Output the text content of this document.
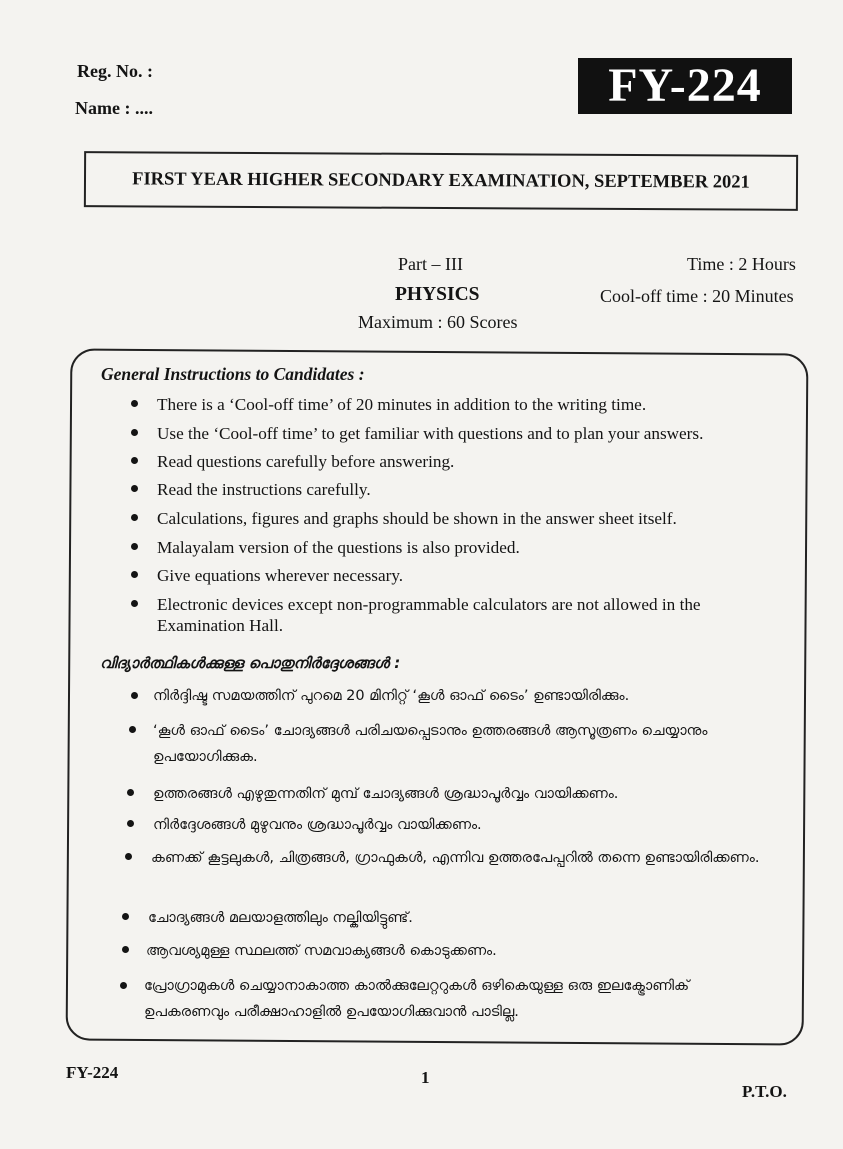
Reg. No. :
Name : ....	FY-224
FIRST YEAR HIGHER SECONDARY EXAMINATION, SEPTEMBER 2021
Part – III
PHYSICS
Maximum : 60 Scores
Time : 2 Hours
Cool-off time : 20 Minutes
General Instructions to Candidates :
There is a ‘Cool-off time’ of 20 minutes in addition to the writing time.
Use the ‘Cool-off time’ to get familiar with questions and to plan your answers.
Read questions carefully before answering.
Read the instructions carefully.
Calculations, figures and graphs should be shown in the answer sheet itself.
Malayalam version of the questions is also provided.
Give equations wherever necessary.
Electronic devices except non-programmable calculators are not allowed in the Examination Hall.
വിദ്യാർത്ഥികൾക്കുള്ള പൊതുനിർദ്ദേശങ്ങൾ :
നിർദ്ദിഷ്ട സമയത്തിന് പുറമെ 20 മിനിറ്റ് ‘കൂൾ ഓഫ് ടൈം’ ഉണ്ടായിരിക്കും.
‘കൂൾ ഓഫ് ടൈം’ ചോദ്യങ്ങൾ പരിചയപ്പെടാനും ഉത്തരങ്ങൾ ആസൂത്രണം ചെയ്യാനും ഉപയോഗിക്കുക.
ഉത്തരങ്ങൾ എഴുതുന്നതിന് മുമ്പ് ചോദ്യങ്ങൾ ശ്രദ്ധാപൂർവ്വം വായിക്കണം.
നിർദ്ദേശങ്ങൾ മുഴുവനും ശ്രദ്ധാപൂർവ്വം വായിക്കണം.
കണക്ക് കൂട്ടലുകൾ, ചിത്രങ്ങൾ, ഗ്രാഫുകൾ, എന്നിവ ഉത്തരപേപ്പറിൽ തന്നെ ഉണ്ടായിരിക്കണം.
ചോദ്യങ്ങൾ മലയാളത്തിലും നല്കിയിട്ടുണ്ട്.
ആവശ്യമുള്ള സ്ഥലത്ത് സമവാക്യങ്ങൾ കൊടുക്കണം.
പ്രോഗ്രാമുകൾ ചെയ്യാനാകാത്ത കാൽക്കുലേറ്ററുകൾ ഒഴികെയുള്ള ഒരു ഇലക്ട്രോണിക് ഉപകരണവും പരീക്ഷാഹാളിൽ ഉപയോഗിക്കുവാൻ പാടില്ല.
FY-224	1
P.T.O.
